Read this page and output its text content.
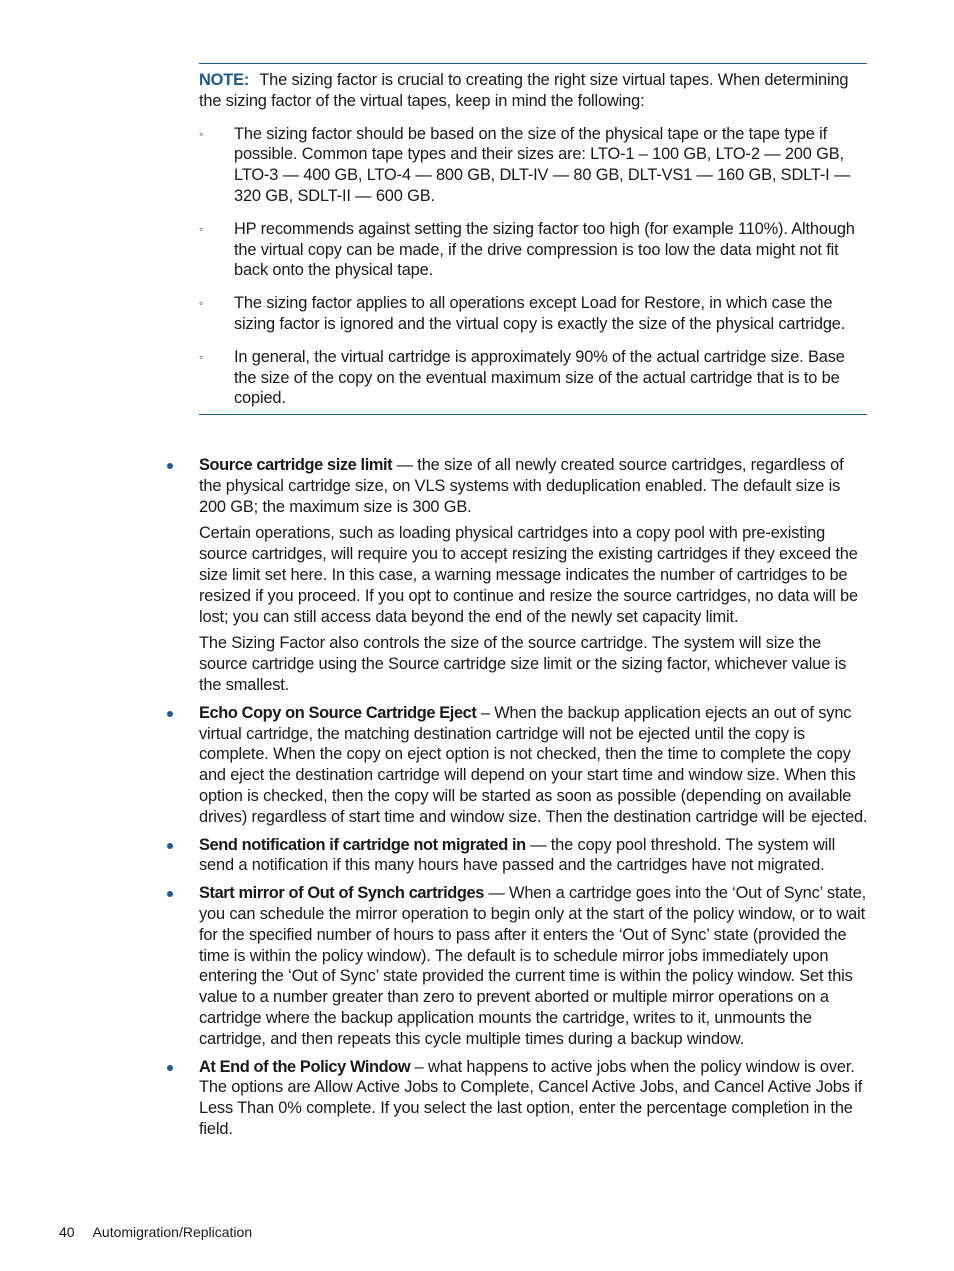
NOTE: The sizing factor is crucial to creating the right size virtual tapes. When determining the sizing factor of the virtual tapes, keep in mind the following:

◦ The sizing factor should be based on the size of the physical tape or the tape type if possible. Common tape types and their sizes are: LTO-1 – 100 GB, LTO-2 — 200 GB, LTO-3 — 400 GB, LTO-4 — 800 GB, DLT-IV — 80 GB, DLT-VS1 — 160 GB, SDLT-I — 320 GB, SDLT-II — 600 GB.
◦ HP recommends against setting the sizing factor too high (for example 110%). Although the virtual copy can be made, if the drive compression is too low the data might not fit back onto the physical tape.
◦ The sizing factor applies to all operations except Load for Restore, in which case the sizing factor is ignored and the virtual copy is exactly the size of the physical cartridge.
◦ In general, the virtual cartridge is approximately 90% of the actual cartridge size. Base the size of the copy on the eventual maximum size of the actual cartridge that is to be copied.

Source cartridge size limit — the size of all newly created source cartridges, regardless of the physical cartridge size, on VLS systems with deduplication enabled. The default size is 200 GB; the maximum size is 300 GB.

Certain operations, such as loading physical cartridges into a copy pool with pre-existing source cartridges, will require you to accept resizing the existing cartridges if they exceed the size limit set here. In this case, a warning message indicates the number of cartridges to be resized if you proceed. If you opt to continue and resize the source cartridges, no data will be lost; you can still access data beyond the end of the newly set capacity limit.

The Sizing Factor also controls the size of the source cartridge. The system will size the source cartridge using the Source cartridge size limit or the sizing factor, whichever value is the smallest.

Echo Copy on Source Cartridge Eject – When the backup application ejects an out of sync virtual cartridge, the matching destination cartridge will not be ejected until the copy is complete. When the copy on eject option is not checked, then the time to complete the copy and eject the destination cartridge will depend on your start time and window size. When this option is checked, then the copy will be started as soon as possible (depending on available drives) regardless of start time and window size. Then the destination cartridge will be ejected.

Send notification if cartridge not migrated in — the copy pool threshold. The system will send a notification if this many hours have passed and the cartridges have not migrated.

Start mirror of Out of Synch cartridges — When a cartridge goes into the ‘Out of Sync’ state, you can schedule the mirror operation to begin only at the start of the policy window, or to wait for the specified number of hours to pass after it enters the ‘Out of Sync’ state (provided the time is within the policy window). The default is to schedule mirror jobs immediately upon entering the ‘Out of Sync’ state provided the current time is within the policy window. Set this value to a number greater than zero to prevent aborted or multiple mirror operations on a cartridge where the backup application mounts the cartridge, writes to it, unmounts the cartridge, and then repeats this cycle multiple times during a backup window.

At End of the Policy Window – what happens to active jobs when the policy window is over. The options are Allow Active Jobs to Complete, Cancel Active Jobs, and Cancel Active Jobs if Less Than 0% complete. If you select the last option, enter the percentage completion in the field.

40 Automigration/Replication
